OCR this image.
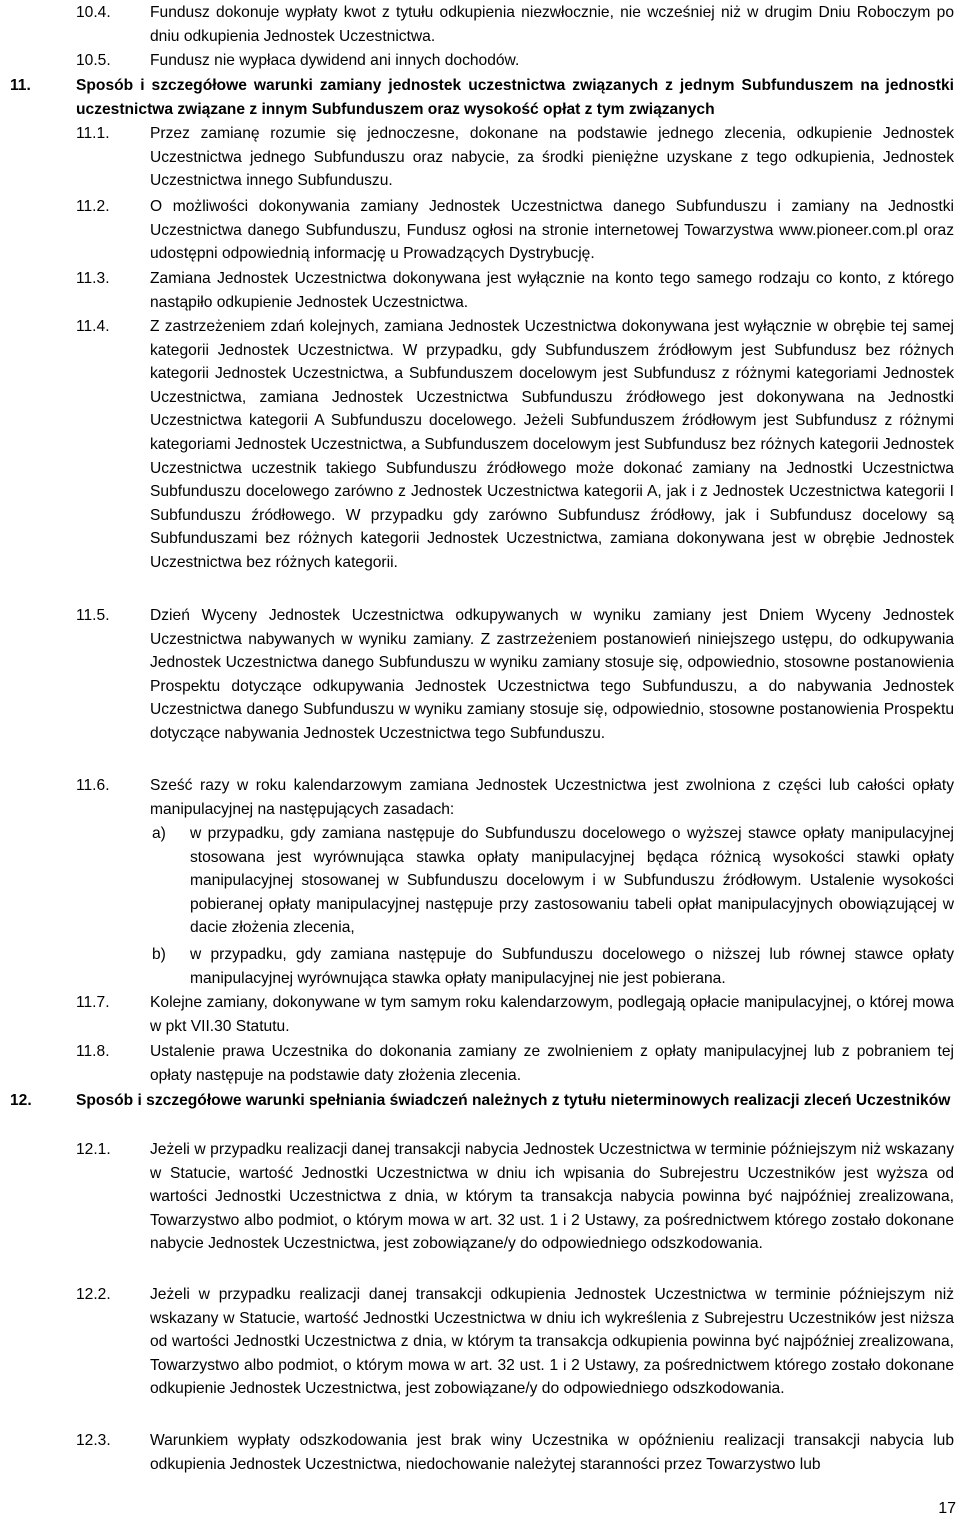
10.4.	Fundusz dokonuje wypłaty kwot z tytułu odkupienia niezwłocznie, nie wcześniej niż w drugim Dniu Roboczym po dniu odkupienia Jednostek Uczestnictwa.
10.5.	Fundusz nie wypłaca dywidend ani innych dochodów.
11.	Sposób i szczegółowe warunki zamiany jednostek uczestnictwa związanych z jednym Subfunduszem na jednostki uczestnictwa związane z innym Subfunduszem oraz wysokość opłat z tym związanych
11.1.	Przez zamianę rozumie się jednoczesne, dokonane na podstawie jednego zlecenia, odkupienie Jednostek Uczestnictwa jednego Subfunduszu oraz nabycie, za środki pieniężne uzyskane z tego odkupienia, Jednostek Uczestnictwa innego Subfunduszu.
11.2.	O możliwości dokonywania zamiany Jednostek Uczestnictwa danego Subfunduszu i zamiany na Jednostki Uczestnictwa danego Subfunduszu, Fundusz ogłosi na stronie internetowej Towarzystwa www.pioneer.com.pl oraz udostępni odpowiednią informację u Prowadzących Dystrybucję.
11.3.	Zamiana Jednostek Uczestnictwa dokonywana jest wyłącznie na konto tego samego rodzaju co konto, z którego nastąpiło odkupienie Jednostek Uczestnictwa.
11.4.	Z zastrzeżeniem zdań kolejnych, zamiana Jednostek Uczestnictwa dokonywana jest wyłącznie w obrębie tej samej kategorii Jednostek Uczestnictwa. W przypadku, gdy Subfunduszem źródłowym jest Subfundusz bez różnych kategorii Jednostek Uczestnictwa, a Subfunduszem docelowym jest Subfundusz z różnymi kategoriami Jednostek Uczestnictwa, zamiana Jednostek Uczestnictwa Subfunduszu źródłowego jest dokonywana na Jednostki Uczestnictwa kategorii A Subfunduszu docelowego. Jeżeli Subfunduszem źródłowym jest Subfundusz z różnymi kategoriami Jednostek Uczestnictwa, a Subfunduszem docelowym jest Subfundusz bez różnych kategorii Jednostek Uczestnictwa uczestnik takiego Subfunduszu źródłowego może dokonać zamiany na Jednostki Uczestnictwa Subfunduszu docelowego zarówno z Jednostek Uczestnictwa kategorii A, jak i z Jednostek Uczestnictwa kategorii I Subfunduszu źródłowego. W przypadku gdy zarówno Subfundusz źródłowy, jak i Subfundusz docelowy są Subfunduszami bez różnych kategorii Jednostek Uczestnictwa, zamiana dokonywana jest w obrębie Jednostek Uczestnictwa bez różnych kategorii.
11.5.	Dzień Wyceny Jednostek Uczestnictwa odkupywanych w wyniku zamiany jest Dniem Wyceny Jednostek Uczestnictwa nabywanych w wyniku zamiany. Z zastrzeżeniem postanowień niniejszego ustępu, do odkupywania Jednostek Uczestnictwa danego Subfunduszu w wyniku zamiany stosuje się, odpowiednio, stosowne postanowienia Prospektu dotyczące odkupywania Jednostek Uczestnictwa tego Subfunduszu, a do nabywania Jednostek Uczestnictwa danego Subfunduszu w wyniku zamiany stosuje się, odpowiednio, stosowne postanowienia Prospektu dotyczące nabywania Jednostek Uczestnictwa tego Subfunduszu.
11.6.	Sześć razy w roku kalendarzowym zamiana Jednostek Uczestnictwa jest zwolniona z części lub całości opłaty manipulacyjnej na następujących zasadach:
a) w przypadku, gdy zamiana następuje do Subfunduszu docelowego o wyższej stawce opłaty manipulacyjnej stosowana jest wyrównująca stawka opłaty manipulacyjnej będąca różnicą wysokości stawki opłaty manipulacyjnej stosowanej w Subfunduszu docelowym i w Subfunduszu źródłowym. Ustalenie wysokości pobieranej opłaty manipulacyjnej następuje przy zastosowaniu tabeli opłat manipulacyjnych obowiązującej w dacie złożenia zlecenia,
b) w przypadku, gdy zamiana następuje do Subfunduszu docelowego o niższej lub równej stawce opłaty manipulacyjnej wyrównująca stawka opłaty manipulacyjnej nie jest pobierana.
11.7.	Kolejne zamiany, dokonywane w tym samym roku kalendarzowym, podlegają opłacie manipulacyjnej, o której mowa w pkt VII.30 Statutu.
11.8.	Ustalenie prawa Uczestnika do dokonania zamiany ze zwolnieniem z opłaty manipulacyjnej lub z pobraniem tej opłaty następuje na podstawie daty złożenia zlecenia.
12.	Sposób i szczegółowe warunki spełniania świadczeń należnych z tytułu nieterminowych realizacji zleceń Uczestników
12.1.	Jeżeli w przypadku realizacji danej transakcji nabycia Jednostek Uczestnictwa w terminie późniejszym niż wskazany w Statucie, wartość Jednostki Uczestnictwa w dniu ich wpisania do Subrejestru Uczestników jest wyższa od wartości Jednostki Uczestnictwa z dnia, w którym ta transakcja nabycia powinna być najpóźniej zrealizowana, Towarzystwo albo podmiot, o którym mowa w art. 32 ust. 1 i 2 Ustawy, za pośrednictwem którego zostało dokonane nabycie Jednostek Uczestnictwa, jest zobowiązane/y do odpowiedniego odszkodowania.
12.2.	Jeżeli w przypadku realizacji danej transakcji odkupienia Jednostek Uczestnictwa w terminie późniejszym niż wskazany w Statucie, wartość Jednostki Uczestnictwa w dniu ich wykreślenia z Subrejestru Uczestników jest niższa od wartości Jednostki Uczestnictwa z dnia, w którym ta transakcja odkupienia powinna być najpóźniej zrealizowana, Towarzystwo albo podmiot, o którym mowa w art. 32 ust. 1 i 2 Ustawy, za pośrednictwem którego zostało dokonane odkupienie Jednostek Uczestnictwa, jest zobowiązane/y do odpowiedniego odszkodowania.
12.3.	Warunkiem wypłaty odszkodowania jest brak winy Uczestnika w opóźnieniu realizacji transakcji nabycia lub odkupienia Jednostek Uczestnictwa, niedochowanie należytej staranności przez Towarzystwo lub
17
